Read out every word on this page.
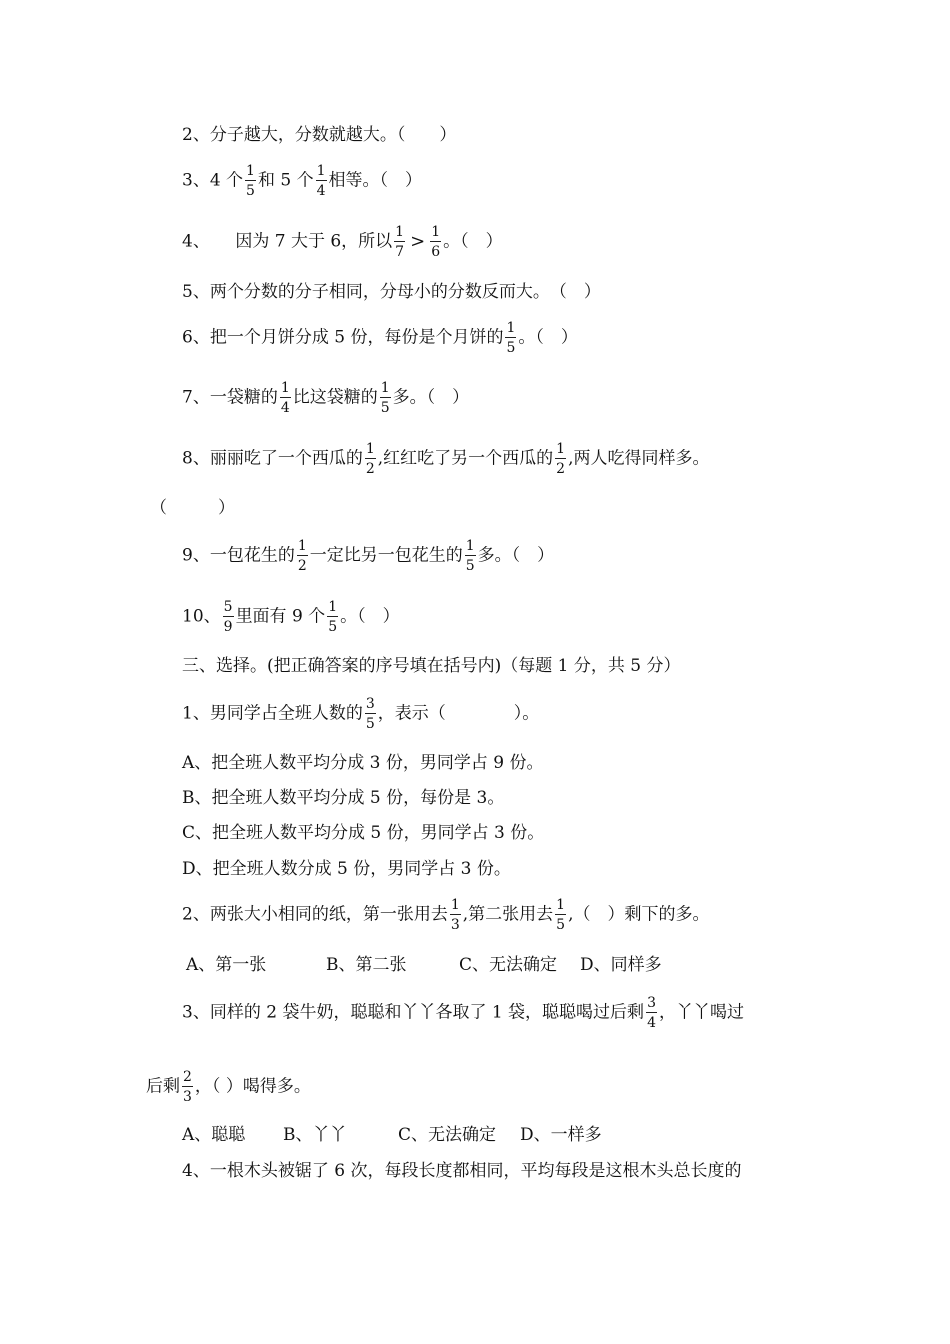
2、分子越大，分数就越大。（　　）
3、4 个 $\frac{1}{5}$ 和 5 个 $\frac{1}{4}$ 相等。（　）
4、　　因为 7 大于 6，所以 $\frac{1}{7} > \frac{1}{6}$ 。（　）
5、两个分数的分子相同，分母小的分数反而大。　（　）
6、把一个月饼分成 5 份，每份是个月饼的 $\frac{1}{5}$ 。（　）
7、一袋糖的 $\frac{1}{4}$ 比这袋糖的 $\frac{1}{5}$ 多。（　）
8、丽丽吃了一个西瓜的 $\frac{1}{2}$ ,红红吃了另一个西瓜的 $\frac{1}{2}$ ,两人吃得同样多。
（　　　）
9、一包花生的 $\frac{1}{2}$ 一定比另一包花生的 $\frac{1}{5}$ 多。（　）
10、 $\frac{5}{9}$ 里面有 9 个 $\frac{1}{5}$ 。（　）
三、选择。(把正确答案的序号填在括号内)（每题 1 分，共 5 分）
1、男同学占全班人数的 $\frac{3}{5}$ ，表示（　　　　）。
A、把全班人数平均分成 3 份，男同学占 9 份。
B、把全班人数平均分成 5 份，每份是 3。
C、把全班人数平均分成 5 份，男同学占 3 份。
D、把全班人数分成 5 份，男同学占 3 份。
2、两张大小相同的纸，第一张用去 $\frac{1}{3}$ ,第二张用去 $\frac{1}{5}$ ,（　）剩下的多。
A、第一张	B、第二张	C、无法确定 D、同样多
3、同样的 2 袋牛奶，聪聪和丫丫各取了 1 袋，聪聪喝过后剩 $\frac{3}{4}$ ，丫丫喝过
后剩 $\frac{2}{3}$ ，（ ）喝得多。
A、聪聪 B、丫丫	C、无法确定 D、一样多
4、一根木头被锯了 6 次，每段长度都相同，平均每段是这根木头总长度的
